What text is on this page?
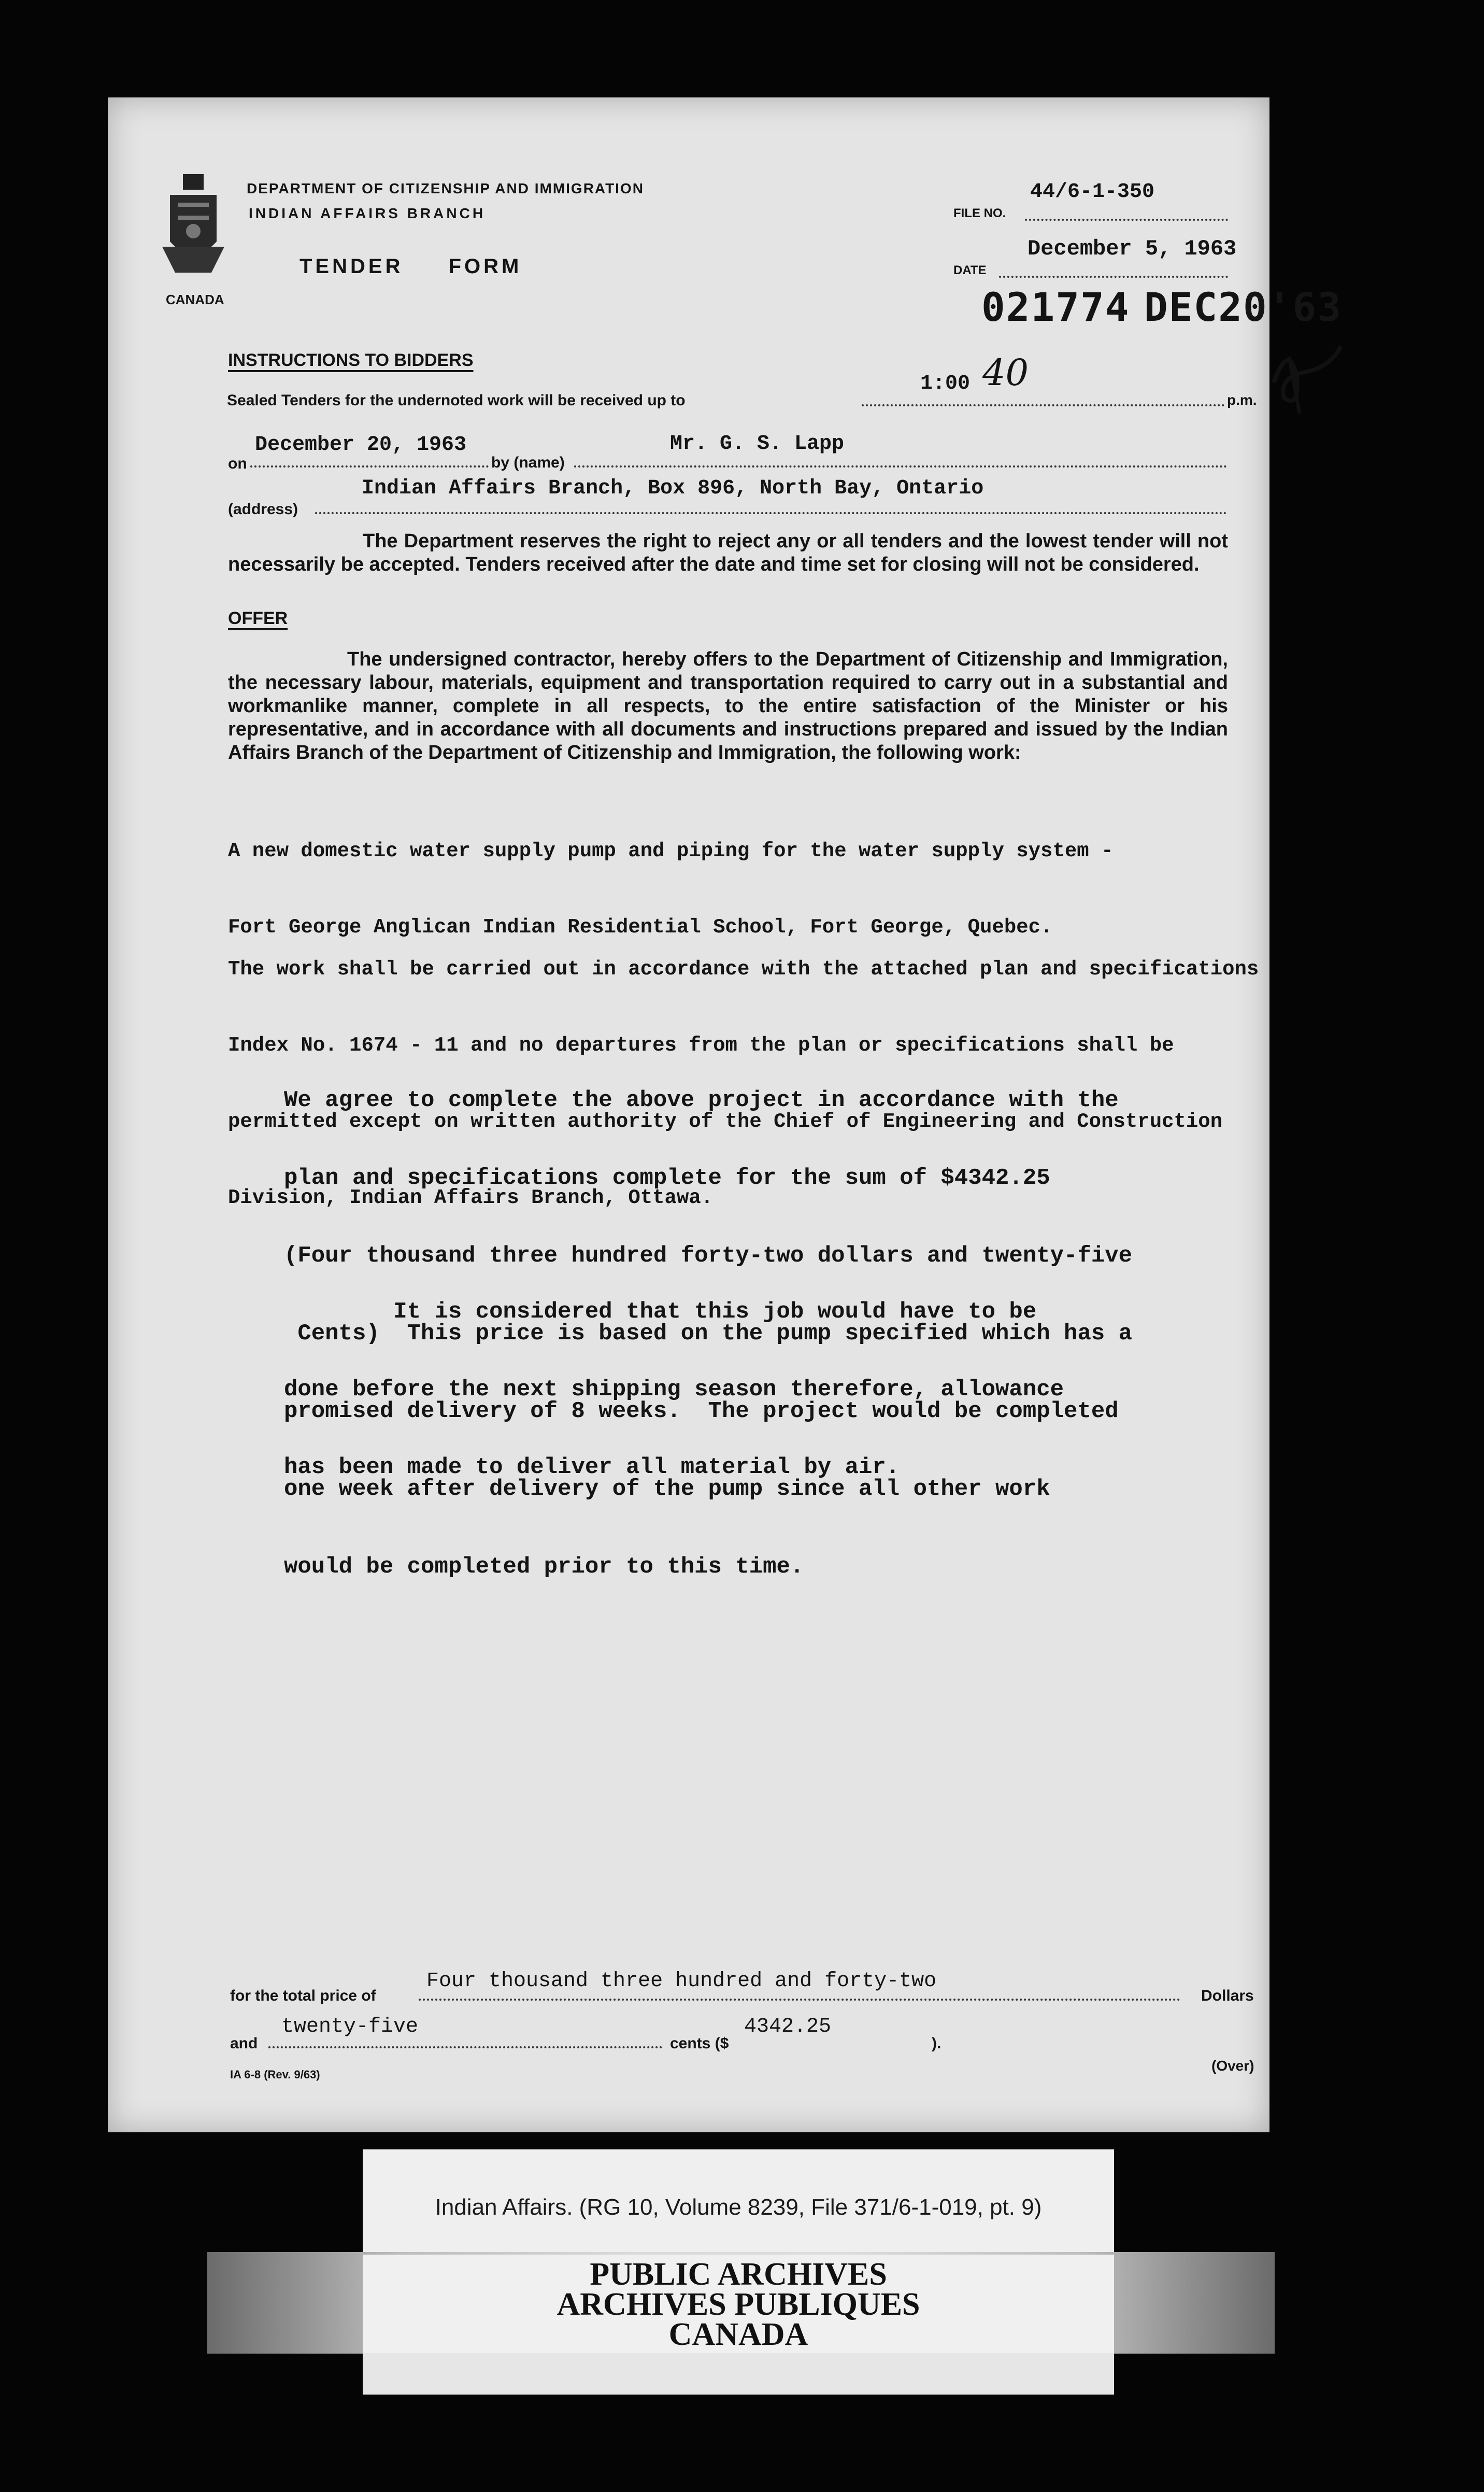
CANADA
DEPARTMENT OF CITIZENSHIP AND IMMIGRATION
INDIAN AFFAIRS BRANCH
TENDER FORM
44/6-1-350
FILE NO.
December 5, 1963
DATE
021774 DEC20'63
INSTRUCTIONS TO BIDDERS
Sealed Tenders for the undernoted work will be received up to
1:00 40
p.m.
on
December 20, 1963
by (name)
Mr. G. S. Lapp
(address)
Indian Affairs Branch, Box 896, North Bay, Ontario
The Department reserves the right to reject any or all tenders and the lowest tender will not necessarily be accepted. Tenders received after the date and time set for closing will not be considered.
OFFER
The undersigned contractor, hereby offers to the Department of Citizenship and Immigration, the necessary labour, materials, equipment and transportation required to carry out in a substantial and workmanlike manner, complete in all respects, to the entire satisfaction of the Minister or his representative, and in accordance with all documents and instructions prepared and issued by the Indian Affairs Branch of the Department of Citizenship and Immigration, the following work:

A new domestic water supply pump and piping for the water supply system -

Fort George Anglican Indian Residential School, Fort George, Quebec.

The work shall be carried out in accordance with the attached plan and specifications

Index No. 1674 - 11 and no departures from the plan or specifications shall be

permitted except on written authority of the Chief of Engineering and Construction

Division, Indian Affairs Branch, Ottawa.

We agree to complete the above project in accordance with the

plan and specifications complete for the sum of $4342.25

(Four thousand three hundred forty-two dollars and twenty-five

Cents)  This price is based on the pump specified which has a

promised delivery of 8 weeks.  The project would be completed

one week after delivery of the pump since all other work

would be completed prior to this time.

It is considered that this job would have to be

done before the next shipping season therefore, allowance

has been made to deliver all material by air.

for the total price of
Four thousand three hundred and forty-two
Dollars
and
twenty-five
cents ($
4342.25
).
IA 6-8 (Rev. 9/63)
(Over)
Indian Affairs. (RG 10, Volume 8239, File 371/6-1-019, pt. 9)
PUBLIC ARCHIVES
ARCHIVES PUBLIQUES
CANADA
